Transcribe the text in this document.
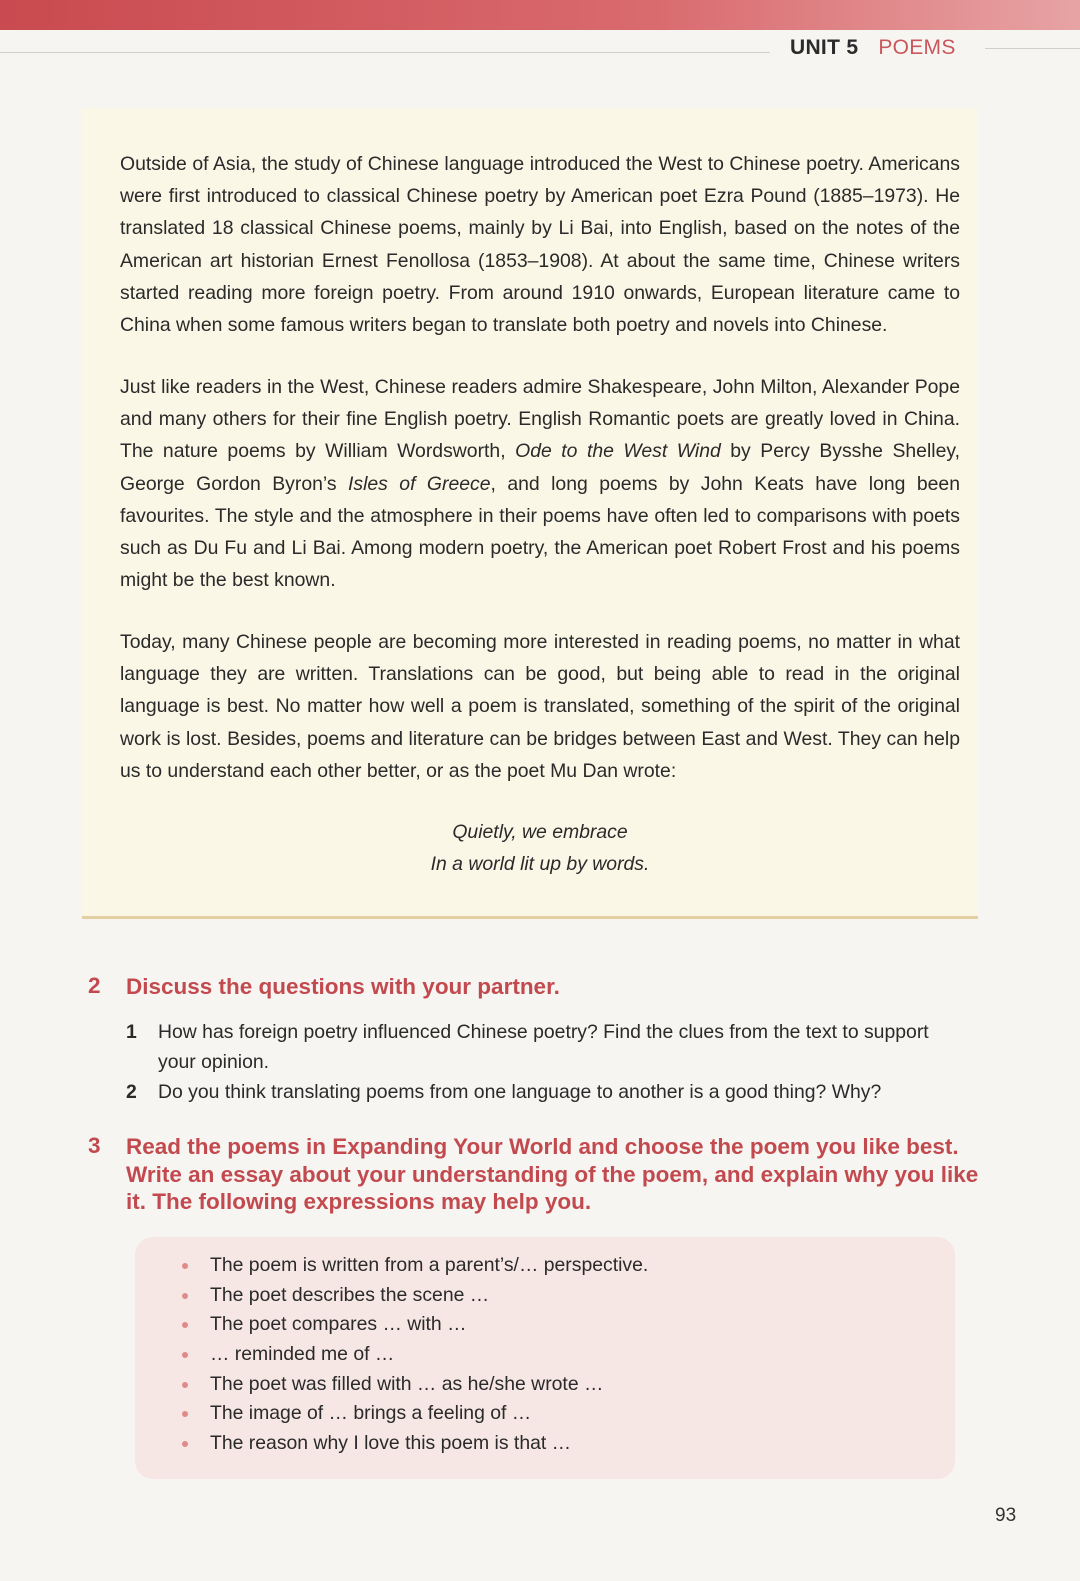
UNIT 5 POEMS

Outside of Asia, the study of Chinese language introduced the West to Chinese poetry. Americans were first introduced to classical Chinese poetry by American poet Ezra Pound (1885–1973). He translated 18 classical Chinese poems, mainly by Li Bai, into English, based on the notes of the American art historian Ernest Fenollosa (1853–1908). At about the same time, Chinese writers started reading more foreign poetry. From around 1910 onwards, European literature came to China when some famous writers began to translate both poetry and novels into Chinese.

Just like readers in the West, Chinese readers admire Shakespeare, John Milton, Alexander Pope and many others for their fine English poetry. English Romantic poets are greatly loved in China. The nature poems by William Wordsworth, Ode to the West Wind by Percy Bysshe Shelley, George Gordon Byron’s Isles of Greece, and long poems by John Keats have long been favourites. The style and the atmosphere in their poems have often led to comparisons with poets such as Du Fu and Li Bai. Among modern poetry, the American poet Robert Frost and his poems might be the best known.

Today, many Chinese people are becoming more interested in reading poems, no matter in what language they are written. Translations can be good, but being able to read in the original language is best. No matter how well a poem is translated, something of the spirit of the original work is lost. Besides, poems and literature can be bridges between East and West. They can help us to understand each other better, or as the poet Mu Dan wrote:

Quietly, we embrace
In a world lit up by words.
2	Discuss the questions with your partner.
1 How has foreign poetry influenced Chinese poetry? Find the clues from the text to support your opinion.
2 Do you think translating poems from one language to another is a good thing? Why?
3	Read the poems in Expanding Your World and choose the poem you like best. Write an essay about your understanding of the poem, and explain why you like it. The following expressions may help you.
The poem is written from a parent’s/… perspective.
The poet describes the scene …
The poet compares … with …
… reminded me of …
The poet was filled with … as he/she wrote …
The image of … brings a feeling of …
The reason why I love this poem is that …
93
